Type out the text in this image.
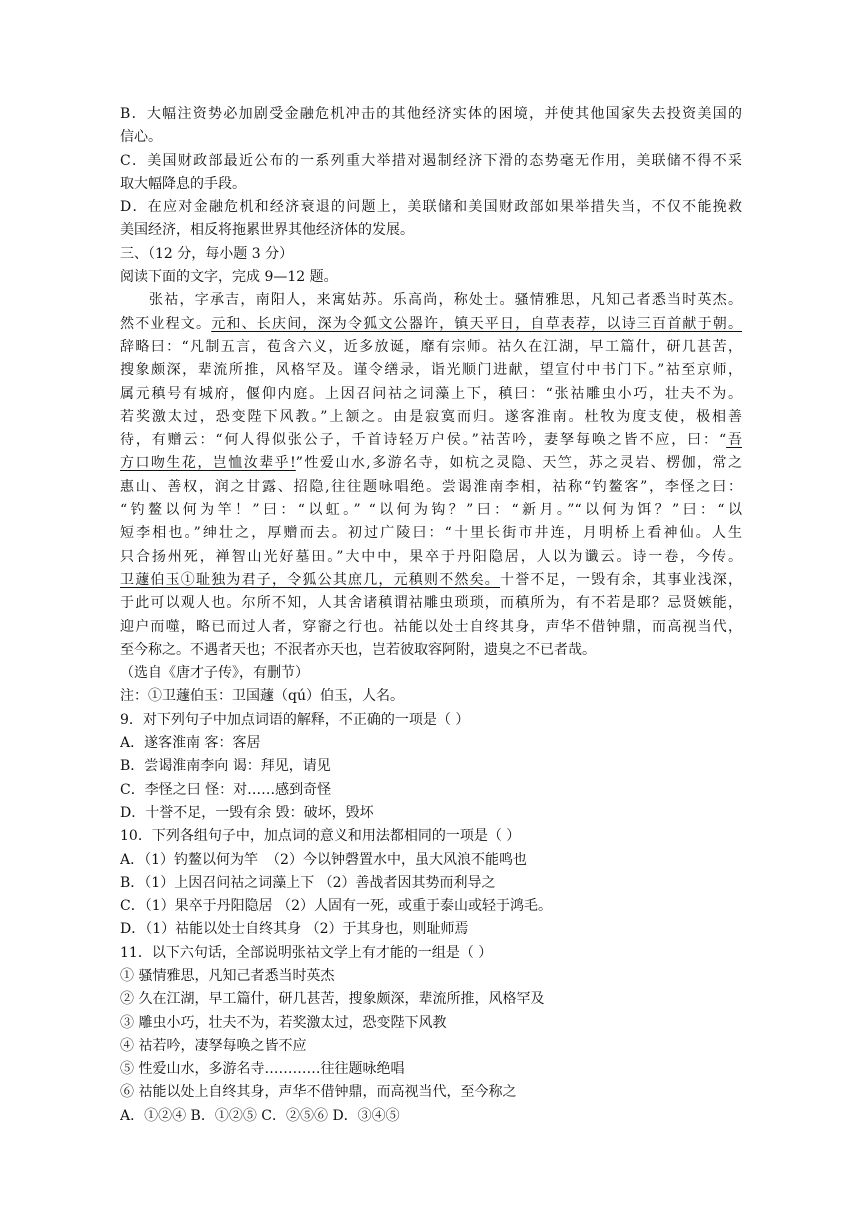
B．大幅注资势必加剧受金融危机冲击的其他经济实体的困境，并使其他国家失去投资美国的
信心。
C．美国财政部最近公布的一系列重大举措对遏制经济下滑的态势毫无作用，美联储不得不采
取大幅降息的手段。
D．在应对金融危机和经济衰退的问题上，美联储和美国财政部如果举措失当，不仅不能挽救
美国经济，相反将拖累世界其他经济体的发展。
三、（12 分，每小题 3 分）
阅读下面的文字，完成 9—12 题。
张祜，字承吉，南阳人，来寓姑苏。乐高尚，称处士。骚情雅思，凡知己者悉当时英杰。
然不业程文。元和、长庆间，深为令狐文公器许，镇天平日，自草表荐，以诗三百首献于朝。
辞略曰：“凡制五言，苞含六义，近多放诞，靡有宗师。祜久在江湖，早工篇什，研几甚苦，
搜象颇深，辈流所推，风格罕及。谨令缮录，诣光顺门进献，望宣付中书门下。”祜至京师，
属元稹号有城府，偃仰内庭。上因召问祜之词藻上下，稹曰：“张祜雕虫小巧，壮夫不为。
若奖激太过，恐变陛下风教。”上颔之。由是寂寞而归。遂客淮南。杜牧为度支使，极相善
待，有赠云：“何人得似张公子，千首诗轻万户侯。”祜苦吟，妻孥每唤之皆不应，曰：“吾
方口吻生花，岂恤汝辈乎!”性爱山水,多游名寺，如杭之灵隐、天竺，苏之灵岩、楞伽，常之
惠山、善权，润之甘露、招隐,往往题咏唱绝。尝谒淮南李相，祜称“钓鳌客”，李怪之曰：
“钓鳌以何为竿！”曰：“以虹。” “以何为钩？”曰：“新月。”“以何为饵？”曰：“以
短李相也。”绅壮之，厚赠而去。初过广陵曰：“十里长街市井连，月明桥上看神仙。人生
只合扬州死，禅智山光好墓田。”大中中，果卒于丹阳隐居，人以为谶云。诗一卷，今传。
卫蘧伯玉①耻独为君子，令狐公其庶几，元稹则不然矣。十誉不足，一毁有余，其事业浅深，
于此可以观人也。尔所不知，人其舍诸稹谓祜雕虫琐琐，而稹所为，有不若是耶？忌贤嫉能，
迎户而噬，略已而过人者，穿窬之行也。祜能以处士自终其身，声华不借钟鼎，而高视当代，
至今称之。不遇者天也；不泯者亦天也，岂若彼取容阿附，遗臭之不已者哉。
（选自《唐才子传》，有删节）
注：①卫蘧伯玉：卫国蘧（qú）伯玉，人名。
9．对下列句子中加点词语的解释，不正确的一项是（ ）
A．遂客淮南 客：客居
B．尝谒淮南李向 谒：拜见，请见
C．李怪之曰 怪：对……感到奇怪
D．十誉不足，一毁有余 毁：破坏，毁坏
10．下列各组句子中，加点词的意义和用法都相同的一项是（ ）
A．（1）钓鳌以何为竿 （2）今以钟磬置水中，虽大风浪不能鸣也
B．（1）上因召问祜之词藻上下 （2）善战者因其势而利导之
C．（1）果卒于丹阳隐居 （2）人固有一死，或重于泰山或轻于鸿毛。
D．（1）祜能以处士自终其身 （2）于其身也，则耻师焉
11．以下六句话，全部说明张祜文学上有才能的一组是（ ）
① 骚情雅思，凡知己者悉当时英杰
② 久在江湖，早工篇什，研几甚苦，搜象颇深，辈流所推，风格罕及
③ 雕虫小巧，壮夫不为，若奖激太过，恐变陛下风教
④ 祜若吟，凄孥每唤之皆不应
⑤ 性爱山水，多游名寺…………往往题咏绝唱
⑥ 祜能以处上自终其身，声华不借钟鼎，而高视当代，至今称之
A．①②④ B．①②⑤ C．②⑤⑥ D．③④⑤
